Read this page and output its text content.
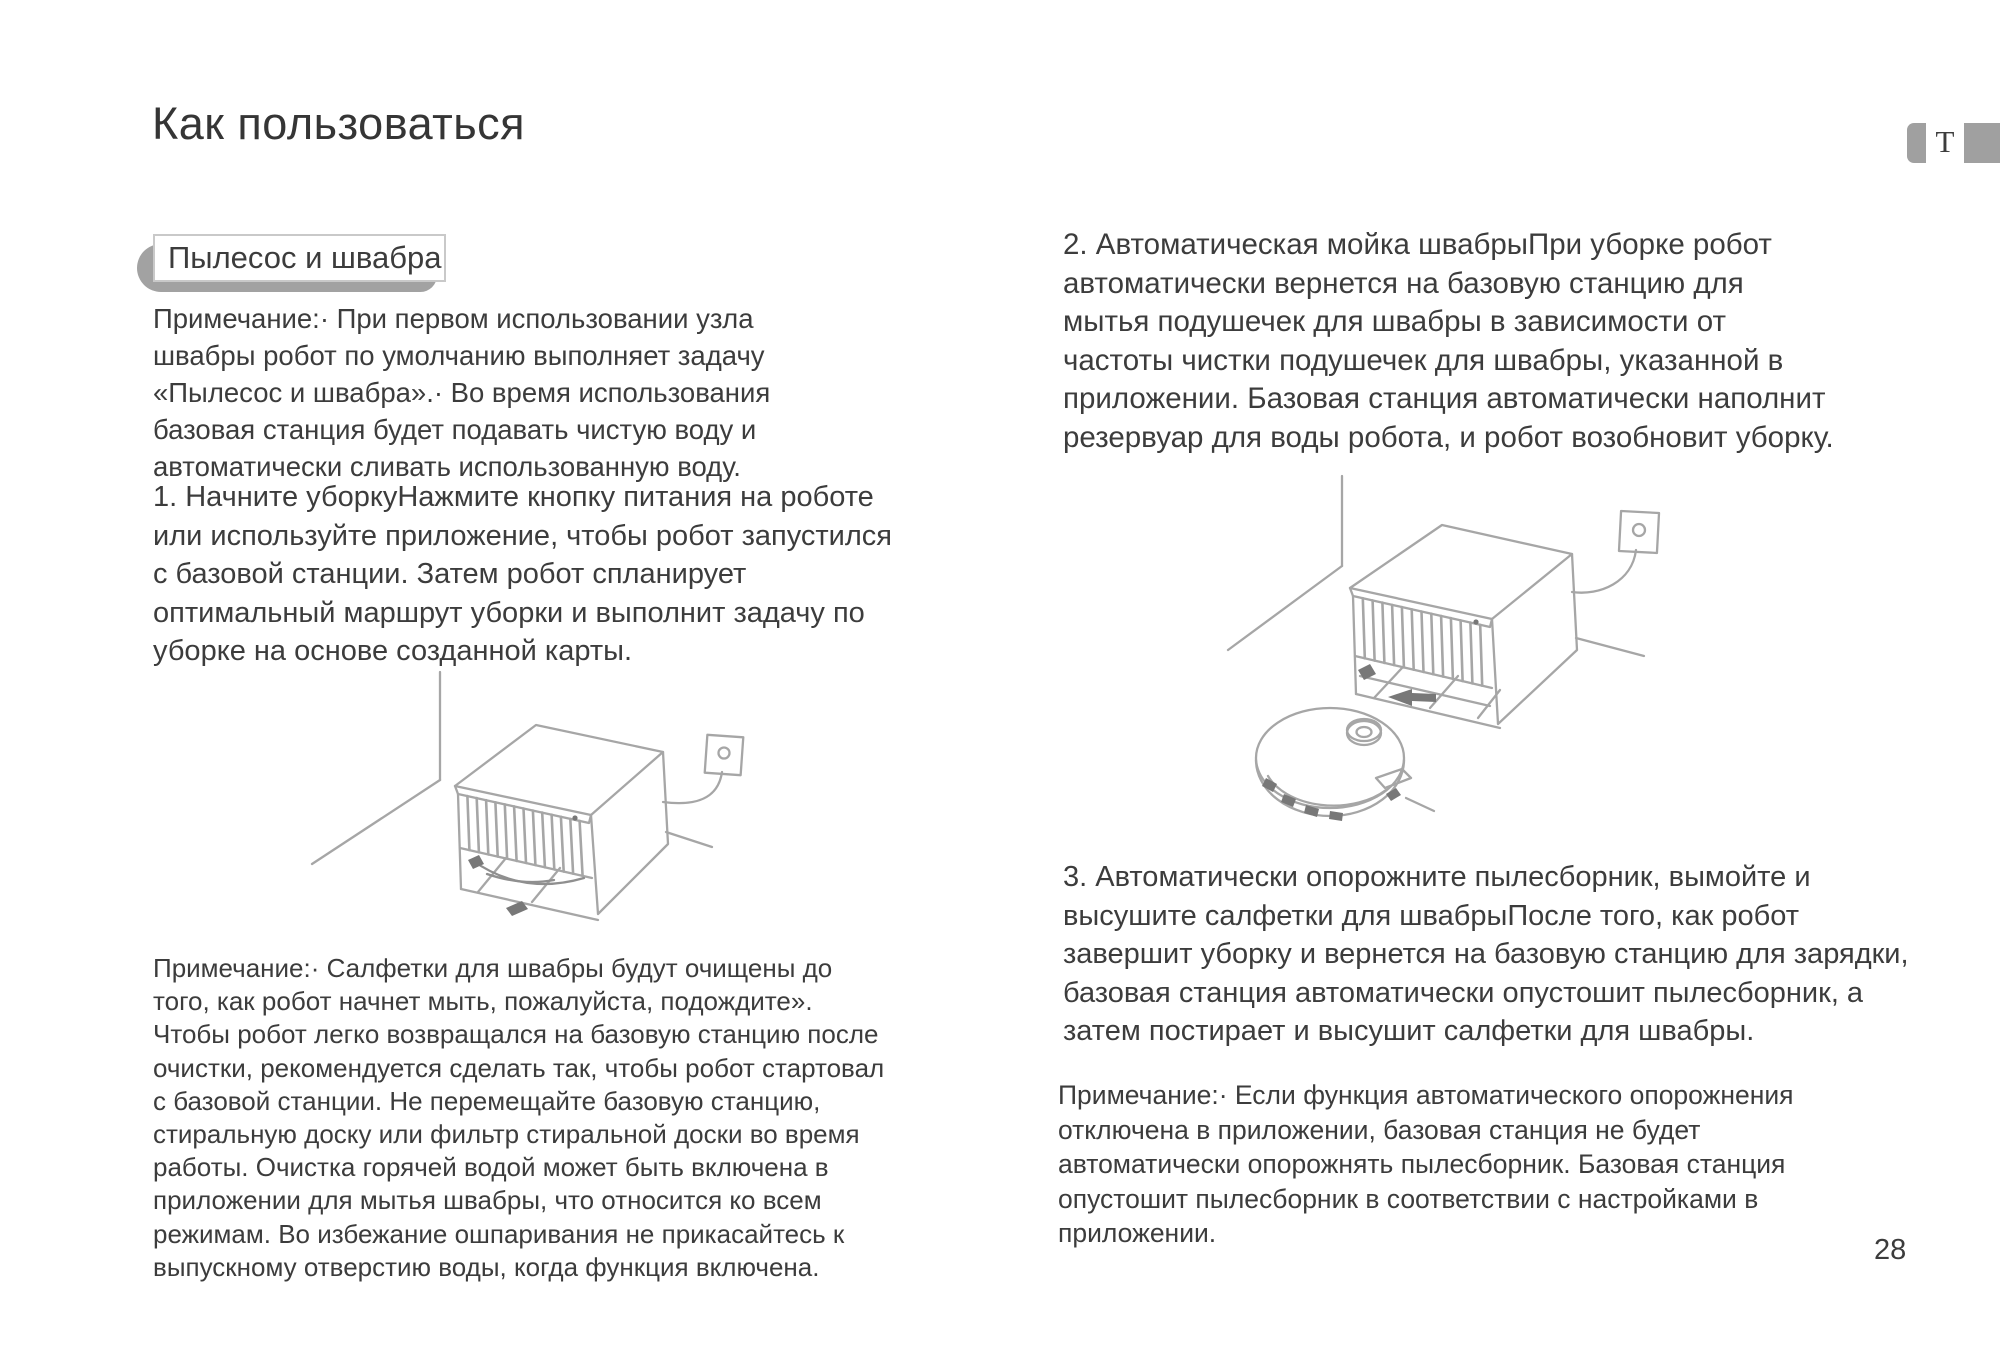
Как пользоваться	T
Пылесос и швабра
Примечание:· При первом использовании узла
швабры робот по умолчанию выполняет задачу
«Пылесос и швабра».· Во время использования
базовая станция будет подавать чистую воду и
автоматически сливать использованную воду.
1. Начните уборкуНажмите кнопку питания на роботе
или используйте приложение, чтобы робот запустился
с базовой станции. Затем робот спланирует
оптимальный маршрут уборки и выполнит задачу по
уборке на основе созданной карты.
Примечание:· Салфетки для швабры будут очищены до
того, как робот начнет мыть, пожалуйста, подождите».
Чтобы робот легко возвращался на базовую станцию после
очистки, рекомендуется сделать так, чтобы робот стартовал
с базовой станции. Не перемещайте базовую станцию,
стиральную доску или фильтр стиральной доски во время
работы. Очистка горячей водой может быть включена в
приложении для мытья швабры, что относится ко всем
режимам. Во избежание ошпаривания не прикасайтесь к
выпускному отверстию воды, когда функция включена.
2. Автоматическая мойка швабрыПри уборке робот
автоматически вернется на базовую станцию для
мытья подушечек для швабры в зависимости от
частоты чистки подушечек для швабры, указанной в
приложении. Базовая станция автоматически наполнит
резервуар для воды робота, и робот возобновит уборку.
3. Автоматически опорожните пылесборник, вымойте и
высушите салфетки для швабрыПосле того, как робот
завершит уборку и вернется на базовую станцию для зарядки,
базовая станция автоматически опустошит пылесборник, а
затем постирает и высушит салфетки для швабры.
Примечание:· Если функция автоматического опорожнения
отключена в приложении, базовая станция не будет
автоматически опорожнять пылесборник. Базовая станция
опустошит пылесборник в соответствии с настройками в
приложении.
28
